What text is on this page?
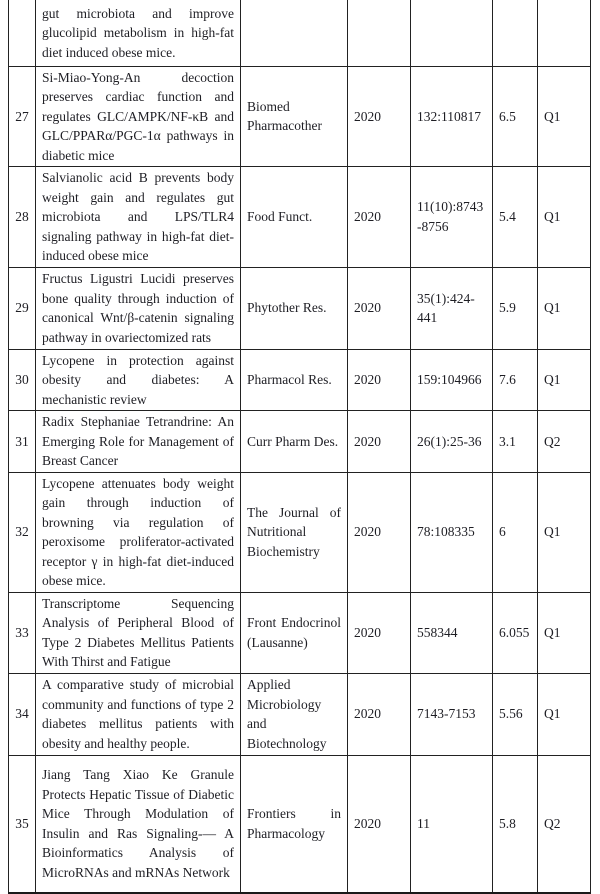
	gut microbiota and improve glucolipid metabolism in high-fat diet induced obese mice.					
27	Si-Miao-Yong-An decoction preserves cardiac function and regulates GLC/AMPK/NF-κB and GLC/PPARα/PGC-1α pathways in diabetic mice	Biomed Pharmacother	2020	132:110817	6.5	Q1
28	Salvianolic acid B prevents body weight gain and regulates gut microbiota and LPS/TLR4 signaling pathway in high-fat diet-induced obese mice	Food Funct.	2020	11(10):8743-8756	5.4	Q1
29	Fructus Ligustri Lucidi preserves bone quality through induction of canonical Wnt/β-catenin signaling pathway in ovariectomized rats	Phytother Res.	2020	35(1):424-441	5.9	Q1
30	Lycopene in protection against obesity and diabetes: A mechanistic review	Pharmacol Res.	2020	159:104966	7.6	Q1
31	Radix Stephaniae Tetrandrine: An Emerging Role for Management of Breast Cancer	Curr Pharm Des.	2020	26(1):25-36	3.1	Q2
32	Lycopene attenuates body weight gain through induction of browning via regulation of peroxisome proliferator-activated receptor γ in high-fat diet-induced obese mice.	The Journal of Nutritional Biochemistry	2020	78:108335	6	Q1
33	Transcriptome Sequencing Analysis of Peripheral Blood of Type 2 Diabetes Mellitus Patients With Thirst and Fatigue	Front Endocrinol (Lausanne)	2020	558344	6.055	Q1
34	A comparative study of microbial community and functions of type 2 diabetes mellitus patients with obesity and healthy people.	Applied Microbiology and Biotechnology	2020	7143-7153	5.56	Q1
35	Jiang Tang Xiao Ke Granule Protects Hepatic Tissue of Diabetic Mice Through Modulation of Insulin and Ras Signaling-— A Bioinformatics Analysis of MicroRNAs and mRNAs Network	Frontiers in Pharmacology	2020	11	5.8	Q2
